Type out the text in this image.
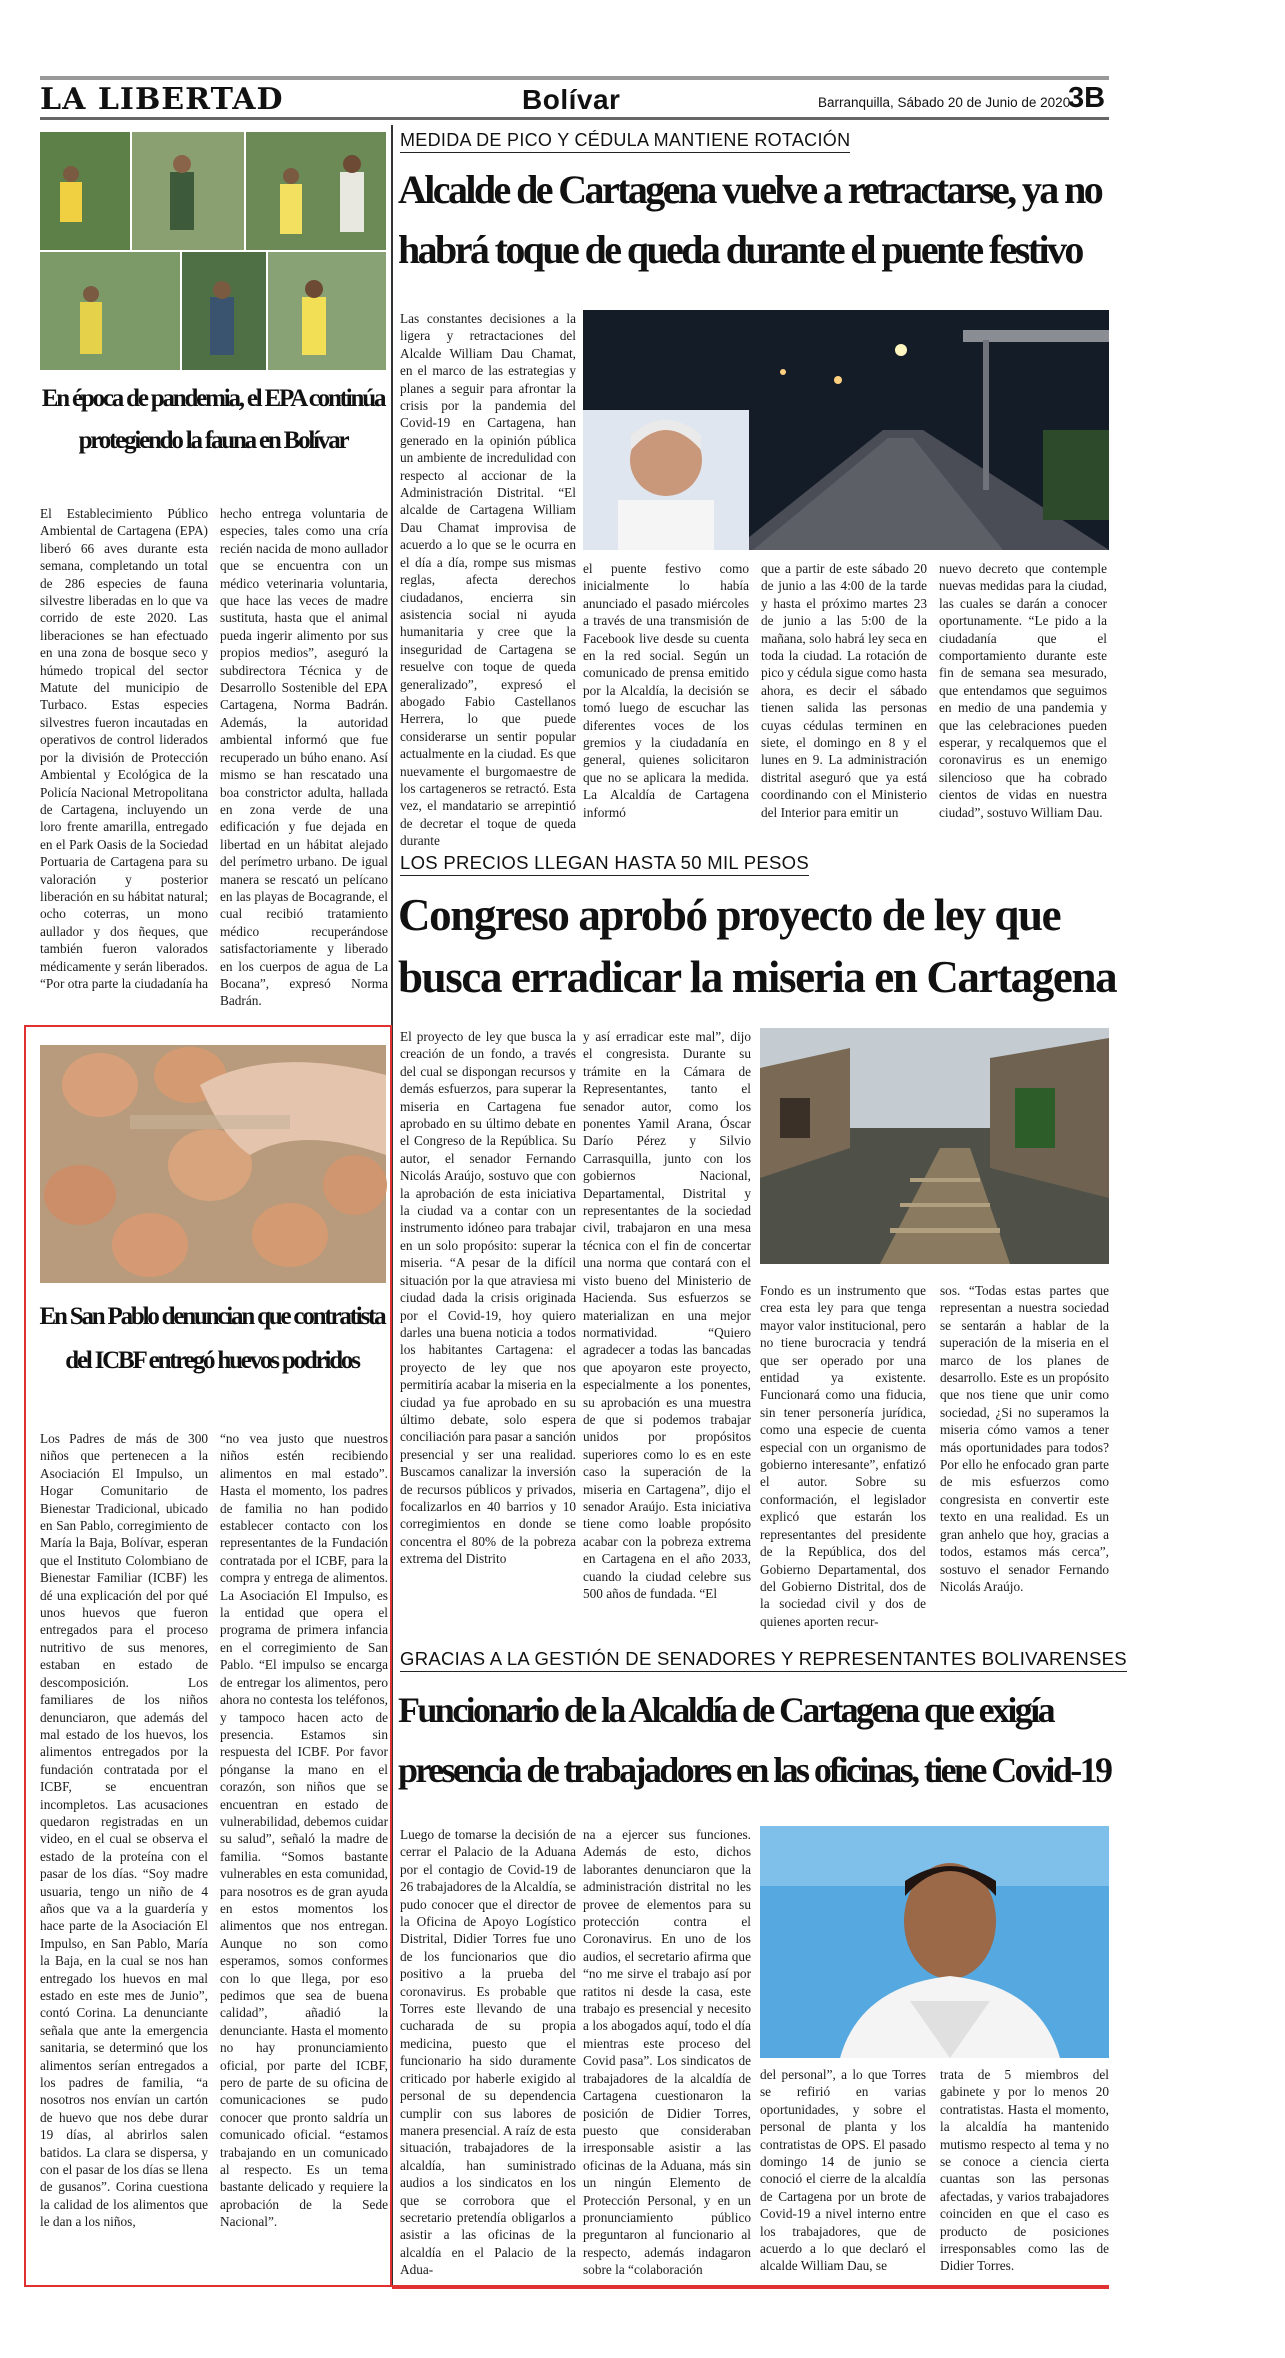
LA LIBERTAD	Bolívar	Barranquilla, Sábado 20 de Junio de 2020
3B
En época de pandemia, el EPA continúa protegiendo la fauna en Bolívar
El Establecimiento Público Ambiental de Cartagena (EPA) liberó 66 aves durante esta semana, completando un total de 286 especies de fauna silvestre liberadas en lo que va corrido de este 2020. Las liberaciones se han efectuado en una zona de bosque seco y húmedo tropical del sector Matute del municipio de Turbaco. Estas especies silvestres fueron incautadas en operativos de control liderados por la división de Protección Ambiental y Ecológica de la Policía Nacional Metropolitana de Cartagena, incluyendo un loro frente amarilla, entregado en el Park Oasis de la Sociedad Portuaria de Cartagena para su valoración y posterior liberación en su hábitat natural; ocho coterras, un mono aullador y dos ñeques, que también fueron valorados médicamente y serán liberados. “Por otra parte la ciudadanía ha
hecho entrega voluntaria de especies, tales como una cría recién nacida de mono aullador que se encuentra con un médico veterinaria voluntaria, que hace las veces de madre sustituta, hasta que el animal pueda ingerir alimento por sus propios medios”, aseguró la subdirectora Técnica y de Desarrollo Sostenible del EPA Cartagena, Norma Badrán. Además, la autoridad ambiental informó que fue recuperado un búho enano. Así mismo se han rescatado una boa constrictor adulta, hallada en zona verde de una edificación y fue dejada en libertad en un hábitat alejado del perímetro urbano. De igual manera se rescató un pelícano en las playas de Bocagrande, el cual recibió tratamiento médico recuperándose satisfactoriamente y liberado en los cuerpos de agua de La Bocana”, expresó Norma Badrán.
MEDIDA DE PICO Y CÉDULA MANTIENE ROTACIÓN
Alcalde de Cartagena vuelve a retractarse, ya no habrá toque de queda durante el puente festivo
Las constantes decisiones a la ligera y retractaciones del Alcalde William Dau Chamat, en el marco de las estrategias y planes a seguir para afrontar la crisis por la pandemia del Covid-19 en Cartagena, han generado en la opinión pública un ambiente de incredulidad con respecto al accionar de la Administración Distrital. “El alcalde de Cartagena William Dau Chamat improvisa de acuerdo a lo que se le ocurra en el día a día, rompe sus mismas reglas, afecta derechos ciudadanos, encierra sin asistencia social ni ayuda humanitaria y cree que la inseguridad de Cartagena se resuelve con toque de queda generalizado”, expresó el abogado Fabio Castellanos Herrera, lo que puede considerarse un sentir popular actualmente en la ciudad. Es que nuevamente el burgomaestre de los cartageneros se retractó. Esta vez, el mandatario se arrepintió de decretar el toque de queda durante
el puente festivo como inicialmente lo había anunciado el pasado miércoles a través de una transmisión de Facebook live desde su cuenta en la red social. Según un comunicado de prensa emitido por la Alcaldía, la decisión se tomó luego de escuchar las diferentes voces de los gremios y la ciudadanía en general, quienes solicitaron que no se aplicara la medida. La Alcaldía de Cartagena informó
que a partir de este sábado 20 de junio a las 4:00 de la tarde y hasta el próximo martes 23 de junio a las 5:00 de la mañana, solo habrá ley seca en toda la ciudad. La rotación de pico y cédula sigue como hasta ahora, es decir el sábado tienen salida las personas cuyas cédulas terminen en siete, el domingo en 8 y el lunes en 9. La administración distrital aseguró que ya está coordinando con el Ministerio del Interior para emitir un
nuevo decreto que contemple nuevas medidas para la ciudad, las cuales se darán a conocer oportunamente. “Le pido a la ciudadanía que el comportamiento durante este fin de semana sea mesurado, que entendamos que seguimos en medio de una pandemia y que las celebraciones pueden esperar, y recalquemos que el coronavirus es un enemigo silencioso que ha cobrado cientos de vidas en nuestra ciudad”, sostuvo William Dau.
LOS PRECIOS LLEGAN HASTA 50 MIL PESOS
Congreso aprobó proyecto de ley que busca erradicar la miseria en Cartagena
El proyecto de ley que busca la creación de un fondo, a través del cual se dispongan recursos y demás esfuerzos, para superar la miseria en Cartagena fue aprobado en su último debate en el Congreso de la República. Su autor, el senador Fernando Nicolás Araújo, sostuvo que con la aprobación de esta iniciativa la ciudad va a contar con un instrumento idóneo para trabajar en un solo propósito: superar la miseria. “A pesar de la difícil situación por la que atraviesa mi ciudad dada la crisis originada por el Covid-19, hoy quiero darles una buena noticia a todos los habitantes Cartagena: el proyecto de ley que nos permitiría acabar la miseria en la ciudad ya fue aprobado en su último debate, solo espera conciliación para pasar a sanción presencial y ser una realidad. Buscamos canalizar la inversión de recursos públicos y privados, focalizarlos en 40 barrios y 10 corregimientos en donde se concentra el 80% de la pobreza extrema del Distrito
y así erradicar este mal”, dijo el congresista. Durante su trámite en la Cámara de Representantes, tanto el senador autor, como los ponentes Yamil Arana, Óscar Darío Pérez y Silvio Carrasquilla, junto con los gobiernos Nacional, Departamental, Distrital y representantes de la sociedad civil, trabajaron en una mesa técnica con el fin de concertar una norma que contará con el visto bueno del Ministerio de Hacienda. Sus esfuerzos se materializan en una mejor normatividad. “Quiero agradecer a todas las bancadas que apoyaron este proyecto, especialmente a los ponentes, su aprobación es una muestra de que si podemos trabajar unidos por propósitos superiores como lo es en este caso la superación de la miseria en Cartagena”, dijo el senador Araújo. Esta iniciativa tiene como loable propósito acabar con la pobreza extrema en Cartagena en el año 2033, cuando la ciudad celebre sus 500 años de fundada. “El
Fondo es un instrumento que crea esta ley para que tenga mayor valor institucional, pero no tiene burocracia y tendrá que ser operado por una entidad ya existente. Funcionará como una fiducia, sin tener personería jurídica, como una especie de cuenta especial con un organismo de gobierno interesante”, enfatizó el autor. Sobre su conformación, el legislador explicó que estarán los representantes del presidente de la República, dos del Gobierno Departamental, dos del Gobierno Distrital, dos de la sociedad civil y dos de quienes aporten recur-
sos. “Todas estas partes que representan a nuestra sociedad se sentarán a hablar de la superación de la miseria en el marco de los planes de desarrollo. Este es un propósito que nos tiene que unir como sociedad, ¿Si no superamos la miseria cómo vamos a tener más oportunidades para todos? Por ello he enfocado gran parte de mis esfuerzos como congresista en convertir este texto en una realidad. Es un gran anhelo que hoy, gracias a todos, estamos más cerca”, sostuvo el senador Fernando Nicolás Araújo.
En San Pablo denuncian que contratista del ICBF entregó huevos podridos
Los Padres de más de 300 niños que pertenecen a la Asociación El Impulso, un Hogar Comunitario de Bienestar Tradicional, ubicado en San Pablo, corregimiento de María la Baja, Bolívar, esperan que el Instituto Colombiano de Bienestar Familiar (ICBF) les dé una explicación del por qué unos huevos que fueron entregados para el proceso nutritivo de sus menores, estaban en estado de descomposición. Los familiares de los niños denunciaron, que además del mal estado de los huevos, los alimentos entregados por la fundación contratada por el ICBF, se encuentran incompletos. Las acusaciones quedaron registradas en un video, en el cual se observa el estado de la proteína con el pasar de los días. “Soy madre usuaria, tengo un niño de 4 años que va a la guardería y hace parte de la Asociación El Impulso, en San Pablo, María la Baja, en la cual se nos han entregado los huevos en mal estado en este mes de Junio”, contó Corina. La denunciante señala que ante la emergencia sanitaria, se determinó que los alimentos serían entregados a los padres de familia, “a nosotros nos envían un cartón de huevo que nos debe durar 19 días, al abrirlos salen batidos. La clara se dispersa, y con el pasar de los días se llena de gusanos”. Corina cuestiona la calidad de los alimentos que le dan a los niños,
“no vea justo que nuestros niños estén recibiendo alimentos en mal estado”. Hasta el momento, los padres de familia no han podido establecer contacto con los representantes de la Fundación contratada por el ICBF, para la compra y entrega de alimentos. La Asociación El Impulso, es la entidad que opera el programa de primera infancia en el corregimiento de San Pablo. “El impulso se encarga de entregar los alimentos, pero ahora no contesta los teléfonos, y tampoco hacen acto de presencia. Estamos sin respuesta del ICBF. Por favor pónganse la mano en el corazón, son niños que se encuentran en estado de vulnerabilidad, debemos cuidar su salud”, señaló la madre de familia. “Somos bastante vulnerables en esta comunidad, para nosotros es de gran ayuda en estos momentos los alimentos que nos entregan. Aunque no son como esperamos, somos conformes con lo que llega, por eso pedimos que sea de buena calidad”, añadió la denunciante. Hasta el momento no hay pronunciamiento oficial, por parte del ICBF, pero de parte de su oficina de comunicaciones se pudo conocer que pronto saldría un comunicado oficial. “estamos trabajando en un comunicado al respecto. Es un tema bastante delicado y requiere la aprobación de la Sede Nacional”.
GRACIAS A LA GESTIÓN DE SENADORES Y REPRESENTANTES BOLIVARENSES
Funcionario de la Alcaldía de Cartagena que exigía presencia de trabajadores en las oficinas, tiene Covid-19
Luego de tomarse la decisión de cerrar el Palacio de la Aduana por el contagio de Covid-19 de 26 trabajadores de la Alcaldía, se pudo conocer que el director de la Oficina de Apoyo Logístico Distrital, Didier Torres fue uno de los funcionarios que dio positivo a la prueba del coronavirus. Es probable que Torres este llevando de una cucharada de su propia medicina, puesto que el funcionario ha sido duramente criticado por haberle exigido al personal de su dependencia cumplir con sus labores de manera presencial. A raíz de esta situación, trabajadores de la alcaldía, han suministrado audios a los sindicatos en los que se corrobora que el secretario pretendía obligarlos a asistir a las oficinas de la alcaldía en el Palacio de la Adua-
na a ejercer sus funciones. Además de esto, dichos laborantes denunciaron que la administración distrital no les provee de elementos para su protección contra el Coronavirus. En uno de los audios, el secretario afirma que “no me sirve el trabajo así por ratitos ni desde la casa, este trabajo es presencial y necesito a los abogados aquí, todo el día mientras este proceso del Covid pasa”. Los sindicatos de trabajadores de la alcaldía de Cartagena cuestionaron la posición de Didier Torres, puesto que consideraban irresponsable asistir a las oficinas de la Aduana, más sin un ningún Elemento de Protección Personal, y en un pronunciamiento público preguntaron al funcionario al respecto, además indagaron sobre la “colaboración
del personal”, a lo que Torres se refirió en varias oportunidades, y sobre el personal de planta y los contratistas de OPS. El pasado domingo 14 de junio se conoció el cierre de la alcaldía de Cartagena por un brote de Covid-19 a nivel interno entre los trabajadores, que de acuerdo a lo que declaró el alcalde William Dau, se
trata de 5 miembros del gabinete y por lo menos 20 contratistas. Hasta el momento, la alcaldía ha mantenido mutismo respecto al tema y no se conoce a ciencia cierta cuantas son las personas afectadas, y varios trabajadores coinciden en que el caso es producto de posiciones irresponsables como las de Didier Torres.
